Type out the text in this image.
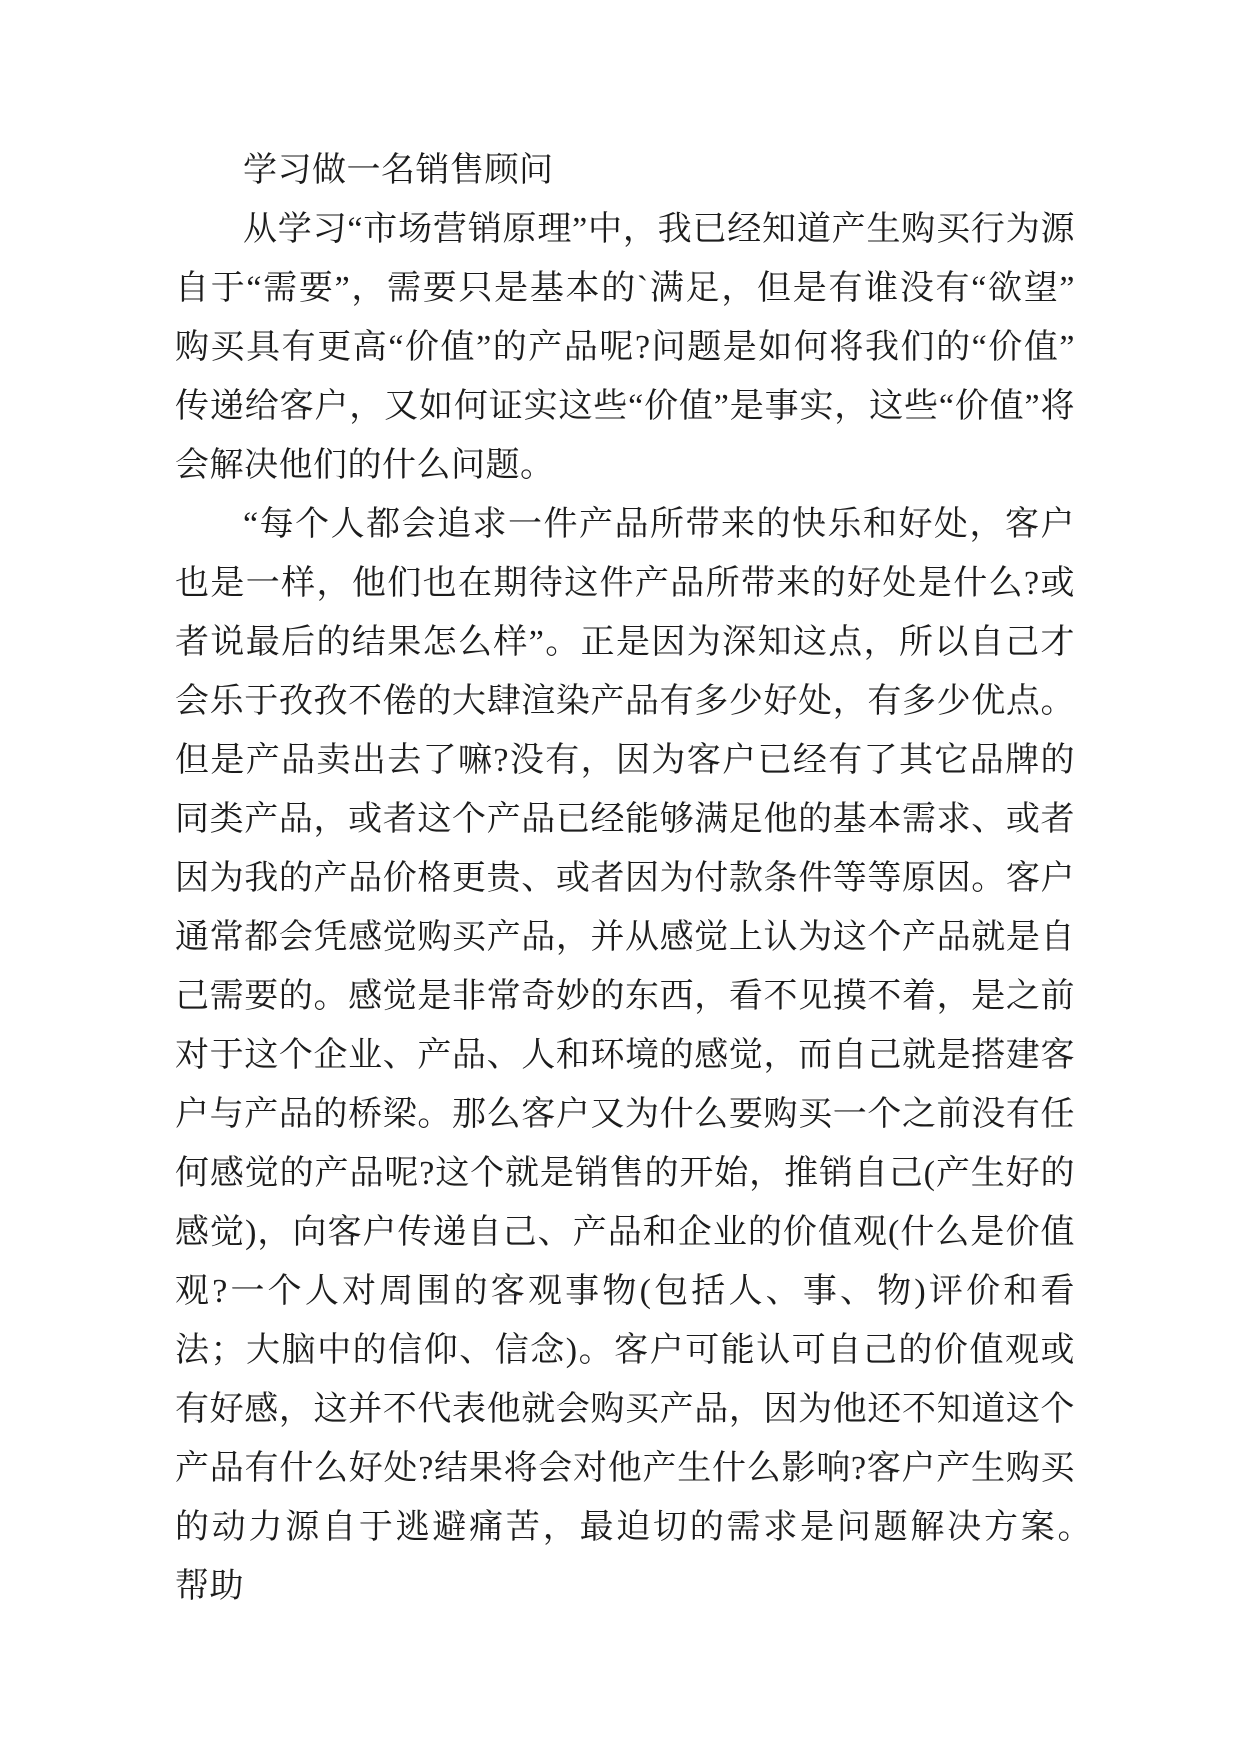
学习做一名销售顾问

从学习“市场营销原理”中，我已经知道产生购买行为源自于“需要”，需要只是基本的`满足，但是有谁没有“欲望”购买具有更高“价值”的产品呢?问题是如何将我们的“价值”传递给客户，又如何证实这些“价值”是事实，这些“价值”将会解决他们的什么问题。

“每个人都会追求一件产品所带来的快乐和好处，客户也是一样，他们也在期待这件产品所带来的好处是什么?或者说最后的结果怎么样”。正是因为深知这点，所以自己才会乐于孜孜不倦的大肆渲染产品有多少好处，有多少优点。但是产品卖出去了嘛?没有，因为客户已经有了其它品牌的同类产品，或者这个产品已经能够满足他的基本需求、或者因为我的产品价格更贵、或者因为付款条件等等原因。客户通常都会凭感觉购买产品，并从感觉上认为这个产品就是自己需要的。感觉是非常奇妙的东西，看不见摸不着，是之前对于这个企业、产品、人和环境的感觉，而自己就是搭建客户与产品的桥梁。那么客户又为什么要购买一个之前没有任何感觉的产品呢?这个就是销售的开始，推销自己(产生好的感觉)，向客户传递自己、产品和企业的价值观(什么是价值观?一个人对周围的客观事物(包括人、事、物)评价和看法；大脑中的信仰、信念)。客户可能认可自己的价值观或有好感，这并不代表他就会购买产品，因为他还不知道这个产品有什么好处?结果将会对他产生什么影响?客户产生购买的动力源自于逃避痛苦，最迫切的需求是问题解决方案。　帮助
